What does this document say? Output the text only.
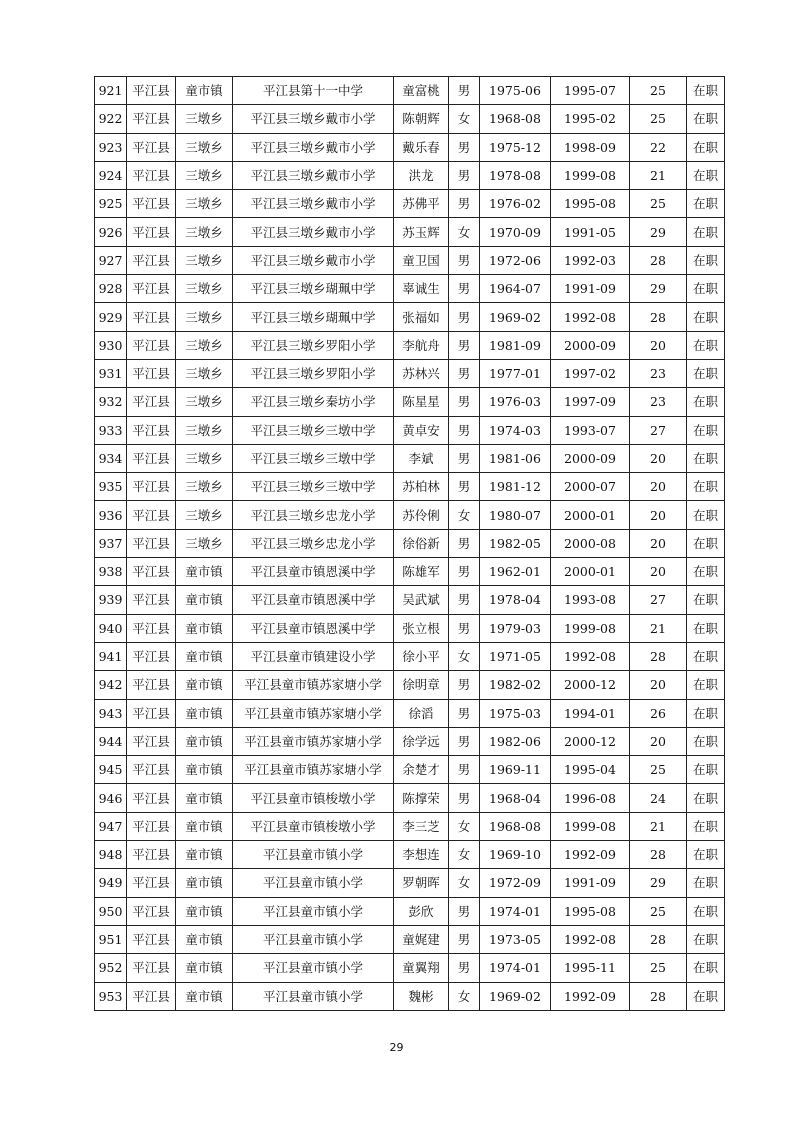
921	平江县	童市镇	平江县第十一中学	童富桃	男	1975-06	1995-07	25	在职
922	平江县	三墩乡	平江县三墩乡戴市小学	陈朝辉	女	1968-08	1995-02	25	在职
923	平江县	三墩乡	平江县三墩乡戴市小学	戴乐春	男	1975-12	1998-09	22	在职
924	平江县	三墩乡	平江县三墩乡戴市小学	洪龙	男	1978-08	1999-08	21	在职
925	平江县	三墩乡	平江县三墩乡戴市小学	苏佛平	男	1976-02	1995-08	25	在职
926	平江县	三墩乡	平江县三墩乡戴市小学	苏玉辉	女	1970-09	1991-05	29	在职
927	平江县	三墩乡	平江县三墩乡戴市小学	童卫国	男	1972-06	1992-03	28	在职
928	平江县	三墩乡	平江县三墩乡瑚珮中学	辜诚生	男	1964-07	1991-09	29	在职
929	平江县	三墩乡	平江县三墩乡瑚珮中学	张福如	男	1969-02	1992-08	28	在职
930	平江县	三墩乡	平江县三墩乡罗阳小学	李航舟	男	1981-09	2000-09	20	在职
931	平江县	三墩乡	平江县三墩乡罗阳小学	苏林兴	男	1977-01	1997-02	23	在职
932	平江县	三墩乡	平江县三墩乡秦坊小学	陈星星	男	1976-03	1997-09	23	在职
933	平江县	三墩乡	平江县三墩乡三墩中学	黄卓安	男	1974-03	1993-07	27	在职
934	平江县	三墩乡	平江县三墩乡三墩中学	李斌	男	1981-06	2000-09	20	在职
935	平江县	三墩乡	平江县三墩乡三墩中学	苏柏林	男	1981-12	2000-07	20	在职
936	平江县	三墩乡	平江县三墩乡忠龙小学	苏伶俐	女	1980-07	2000-01	20	在职
937	平江县	三墩乡	平江县三墩乡忠龙小学	徐俗新	男	1982-05	2000-08	20	在职
938	平江县	童市镇	平江县童市镇恩溪中学	陈雄军	男	1962-01	2000-01	20	在职
939	平江县	童市镇	平江县童市镇恩溪中学	吴武斌	男	1978-04	1993-08	27	在职
940	平江县	童市镇	平江县童市镇恩溪中学	张立根	男	1979-03	1999-08	21	在职
941	平江县	童市镇	平江县童市镇建设小学	徐小平	女	1971-05	1992-08	28	在职
942	平江县	童市镇	平江县童市镇苏家塘小学	徐明章	男	1982-02	2000-12	20	在职
943	平江县	童市镇	平江县童市镇苏家塘小学	徐滔	男	1975-03	1994-01	26	在职
944	平江县	童市镇	平江县童市镇苏家塘小学	徐学远	男	1982-06	2000-12	20	在职
945	平江县	童市镇	平江县童市镇苏家塘小学	余楚才	男	1969-11	1995-04	25	在职
946	平江县	童市镇	平江县童市镇梭墩小学	陈撑荣	男	1968-04	1996-08	24	在职
947	平江县	童市镇	平江县童市镇梭墩小学	李三芝	女	1968-08	1999-08	21	在职
948	平江县	童市镇	平江县童市镇小学	李想连	女	1969-10	1992-09	28	在职
949	平江县	童市镇	平江县童市镇小学	罗朝晖	女	1972-09	1991-09	29	在职
950	平江县	童市镇	平江县童市镇小学	彭欣	男	1974-01	1995-08	25	在职
951	平江县	童市镇	平江县童市镇小学	童娓建	男	1973-05	1992-08	28	在职
952	平江县	童市镇	平江县童市镇小学	童翼翔	男	1974-01	1995-11	25	在职
953	平江县	童市镇	平江县童市镇小学	魏彬	女	1969-02	1992-09	28	在职
29
